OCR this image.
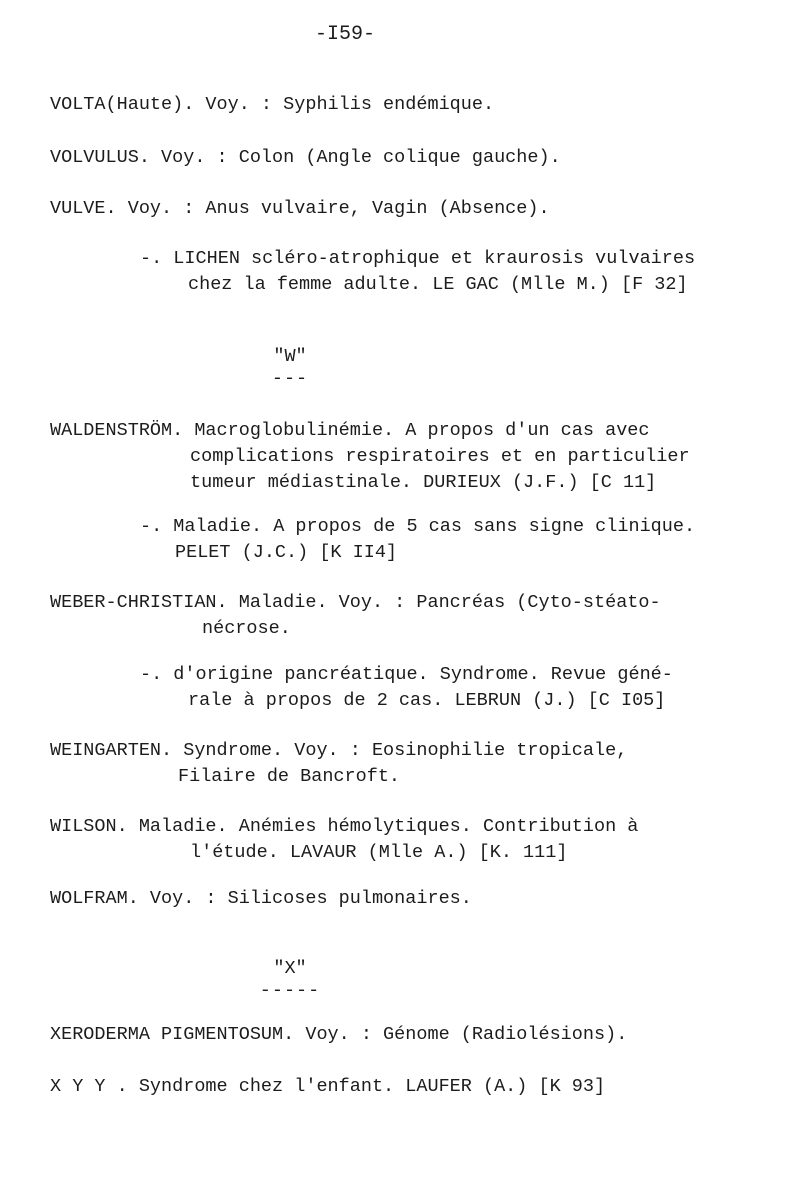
-I59-
VOLTA(Haute). Voy. : Syphilis endémique.
VOLVULUS. Voy. : Colon (Angle colique gauche).
VULVE. Voy. : Anus vulvaire, Vagin (Absence).
-. LICHEN scléro-atrophique et kraurosis vulvaires
chez la femme adulte. LE GAC (Mlle M.) [F 32]
"W"
---
WALDENSTRÖM. Macroglobulinémie. A propos d'un cas avec
complications respiratoires et en particulier
tumeur médiastinale. DURIEUX (J.F.) [C 11]
-. Maladie. A propos de 5 cas sans signe clinique.
PELET (J.C.) [K II4]
WEBER-CHRISTIAN. Maladie. Voy. : Pancréas (Cyto-stéato-
nécrose.
-. d'origine pancréatique. Syndrome. Revue géné-
rale à propos de 2 cas. LEBRUN (J.) [C I05]
WEINGARTEN. Syndrome. Voy. : Eosinophilie tropicale,
Filaire de Bancroft.
WILSON. Maladie. Anémies hémolytiques. Contribution à
l'étude. LAVAUR (Mlle A.) [K. 111]
WOLFRAM. Voy. : Silicoses pulmonaires.
"X"
-----
XERODERMA PIGMENTOSUM. Voy. : Génome (Radiolésions).
X Y Y . Syndrome chez l'enfant. LAUFER (A.) [K 93]
